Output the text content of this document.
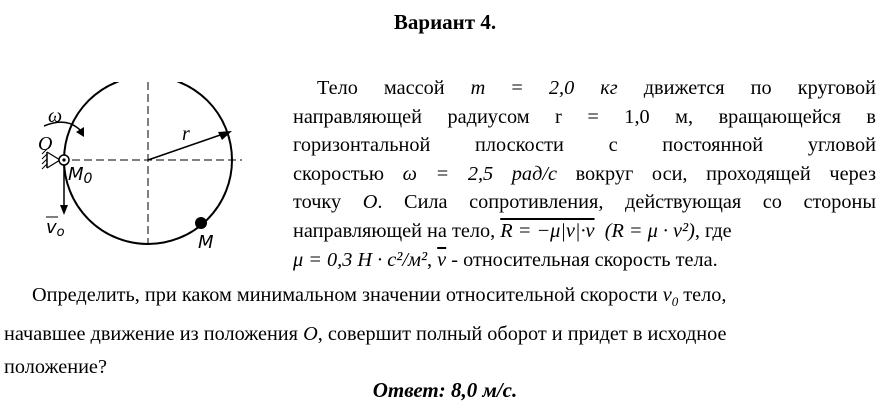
Вариант 4.
ω
r
O
M0
vo	M
Тело массой m = 2,0 кг движется по круговой
направляющей радиусом r = 1,0 м, вращающейся в
горизонтальной плоскости с постоянной угловой
скоростью ω = 2,5 рад/с вокруг оси, проходящей через
точку O. Сила сопротивления, действующая со стороны
направляющей на тело, R = −μ|v|·v (R = μ · v²), где
μ = 0,3 Н · с²/м², $\overline{v}$ - относительная скорость тела.
Определить, при каком минимальном значении относительной скорости $v_0$ тело,
начавшее движение из положения O, совершит полный оборот и придет в исходное
положение?
Ответ: 8,0 м/с.
